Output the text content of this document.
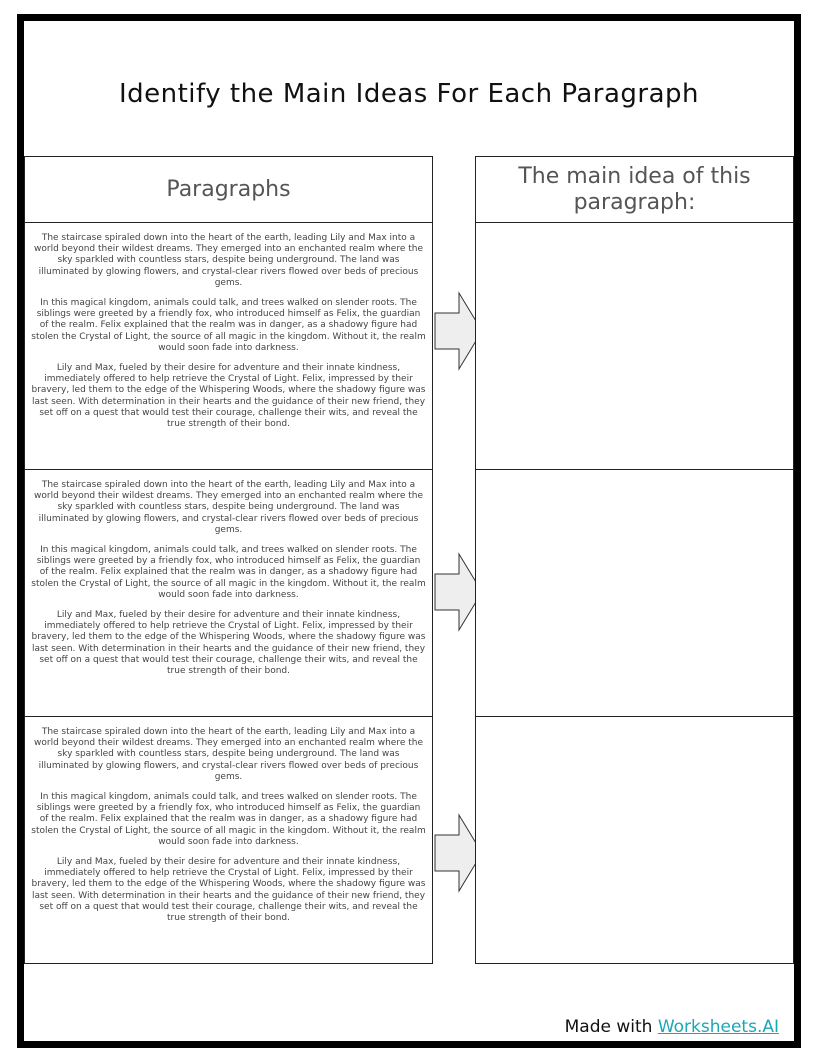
Identify the Main Ideas For Each Paragraph
Paragraphs

The staircase spiraled down into the heart of the earth, leading Lily and Max into a world beyond their wildest dreams. They emerged into an enchanted realm where the sky sparkled with countless stars, despite being underground. The land was illuminated by glowing flowers, and crystal-clear rivers flowed over beds of precious gems.

In this magical kingdom, animals could talk, and trees walked on slender roots. The siblings were greeted by a friendly fox, who introduced himself as Felix, the guardian of the realm. Felix explained that the realm was in danger, as a shadowy figure had stolen the Crystal of Light, the source of all magic in the kingdom. Without it, the realm would soon fade into darkness.

Lily and Max, fueled by their desire for adventure and their innate kindness, immediately offered to help retrieve the Crystal of Light. Felix, impressed by their bravery, led them to the edge of the Whispering Woods, where the shadowy figure was last seen. With determination in their hearts and the guidance of their new friend, they set off on a quest that would test their courage, challenge their wits, and reveal the true strength of their bond.

The staircase spiraled down into the heart of the earth, leading Lily and Max into a world beyond their wildest dreams. They emerged into an enchanted realm where the sky sparkled with countless stars, despite being underground. The land was illuminated by glowing flowers, and crystal-clear rivers flowed over beds of precious gems.

In this magical kingdom, animals could talk, and trees walked on slender roots. The siblings were greeted by a friendly fox, who introduced himself as Felix, the guardian of the realm. Felix explained that the realm was in danger, as a shadowy figure had stolen the Crystal of Light, the source of all magic in the kingdom. Without it, the realm would soon fade into darkness.

Lily and Max, fueled by their desire for adventure and their innate kindness, immediately offered to help retrieve the Crystal of Light. Felix, impressed by their bravery, led them to the edge of the Whispering Woods, where the shadowy figure was last seen. With determination in their hearts and the guidance of their new friend, they set off on a quest that would test their courage, challenge their wits, and reveal the true strength of their bond.

The staircase spiraled down into the heart of the earth, leading Lily and Max into a world beyond their wildest dreams. They emerged into an enchanted realm where the sky sparkled with countless stars, despite being underground. The land was illuminated by glowing flowers, and crystal-clear rivers flowed over beds of precious gems.

In this magical kingdom, animals could talk, and trees walked on slender roots. The siblings were greeted by a friendly fox, who introduced himself as Felix, the guardian of the realm. Felix explained that the realm was in danger, as a shadowy figure had stolen the Crystal of Light, the source of all magic in the kingdom. Without it, the realm would soon fade into darkness.

Lily and Max, fueled by their desire for adventure and their innate kindness, immediately offered to help retrieve the Crystal of Light. Felix, impressed by their bravery, led them to the edge of the Whispering Woods, where the shadowy figure was last seen. With determination in their hearts and the guidance of their new friend, they set off on a quest that would test their courage, challenge their wits, and reveal the true strength of their bond.

The main idea of this paragraph:
Made with Worksheets.AI
